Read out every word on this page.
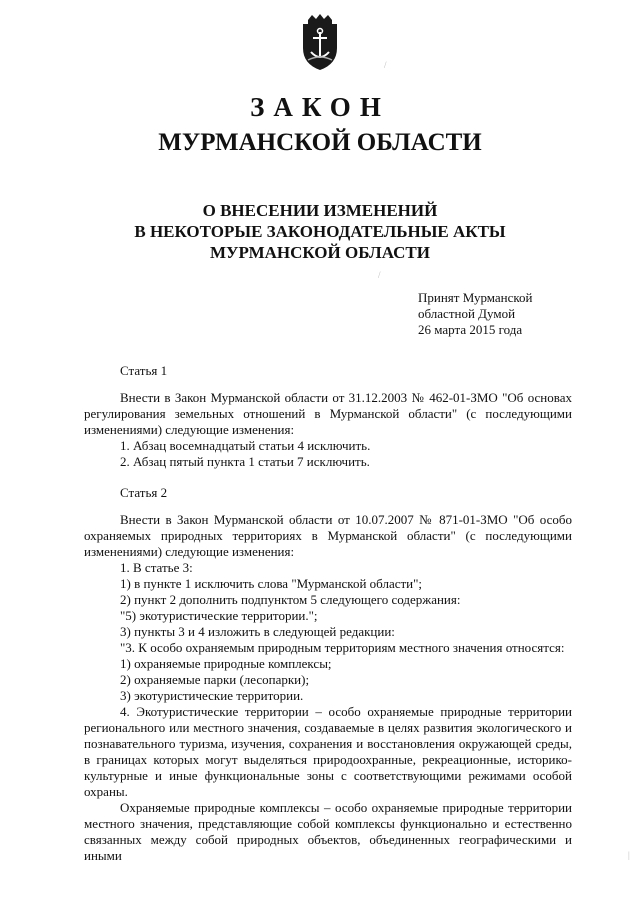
ЗАКОН
МУРМАНСКОЙ ОБЛАСТИ
О ВНЕСЕНИИ ИЗМЕНЕНИЙ
В НЕКОТОРЫЕ ЗАКОНОДАТЕЛЬНЫЕ АКТЫ
МУРМАНСКОЙ ОБЛАСТИ
Принят Мурманской
областной Думой
26 марта 2015 года
Статья 1
Внести в Закон Мурманской области от 31.12.2003 № 462-01-ЗМО "Об основах регулирования земельных отношений в Мурманской области" (с последующими изменениями) следующие изменения:
1. Абзац восемнадцатый статьи 4 исключить.
2. Абзац пятый пункта 1 статьи 7 исключить.
Статья 2
Внести в Закон Мурманской области от 10.07.2007 № 871-01-ЗМО "Об особо охраняемых природных территориях в Мурманской области" (с последующими изменениями) следующие изменения:
1. В статье 3:
1) в пункте 1 исключить слова "Мурманской области";
2) пункт 2 дополнить подпунктом 5 следующего содержания:
"5) экотуристические территории.";
3) пункты 3 и 4 изложить в следующей редакции:
"3. К особо охраняемым природным территориям местного значения относятся:
1) охраняемые природные комплексы;
2) охраняемые парки (лесопарки);
3) экотуристические территории.
4. Экотуристические территории – особо охраняемые природные территории регионального или местного значения, создаваемые в целях развития экологического и познавательного туризма, изучения, сохранения и восстановления окружающей среды, в границах которых могут выделяться природоохранные, рекреационные, историко-культурные и иные функциональные зоны с соответствующими режимами особой охраны.
Охраняемые природные комплексы – особо охраняемые природные территории местного значения, представляющие собой комплексы функционально и естественно связанных между собой природных объектов, объединенных географическими и иными
/
/
|
